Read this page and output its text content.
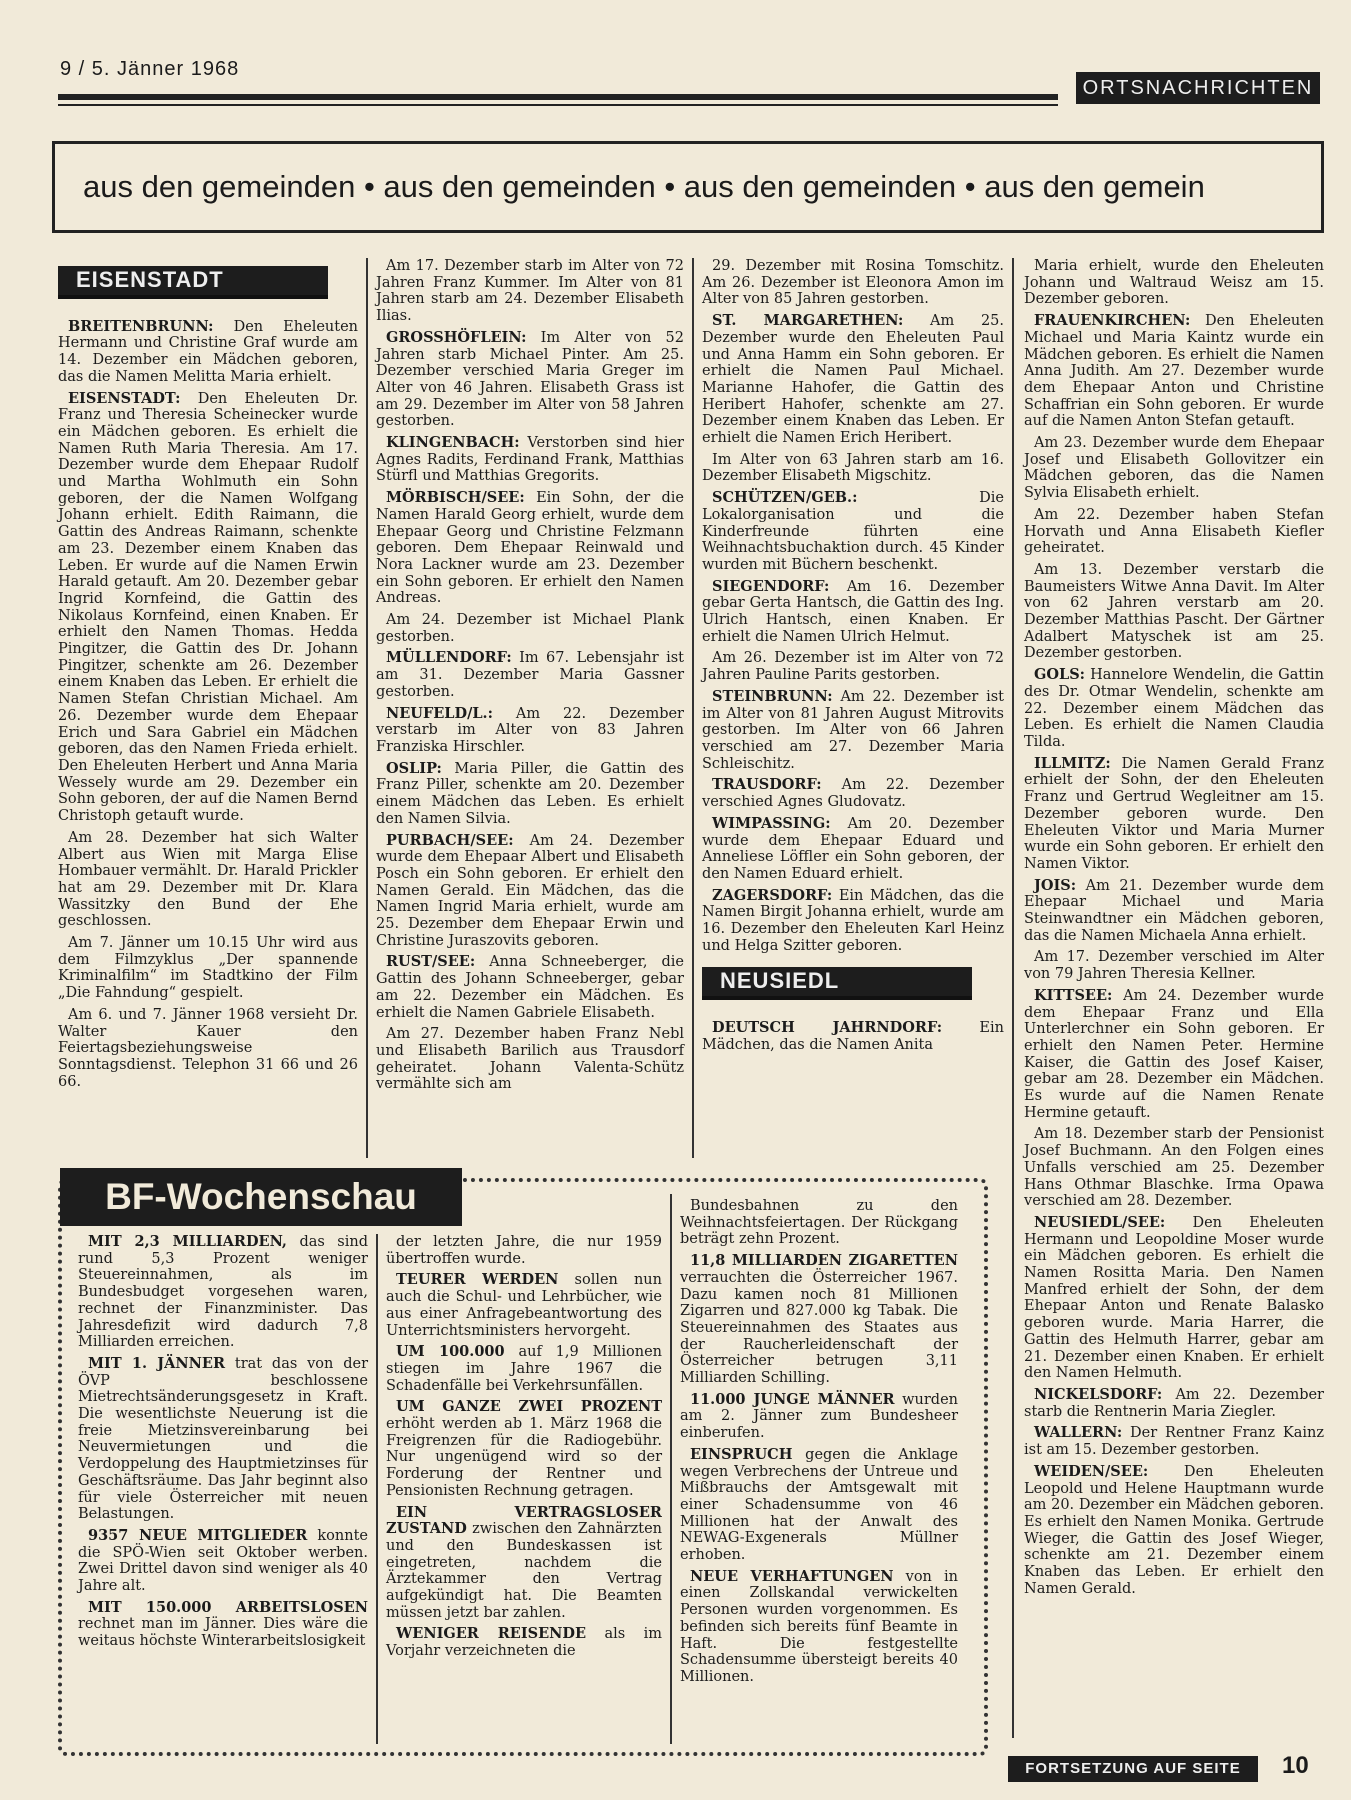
9 / 5. Jänner 1968
ORTSNACHRICHTEN
aus den gemeinden • aus den gemeinden • aus den gemeinden • aus den gemein
EISENSTADT

BREITENBRUNN: Den Eheleuten Hermann und Christine Graf wurde am 14. Dezember ein Mädchen geboren, das die Namen Melitta Maria erhielt.

EISENSTADT: Den Eheleuten Dr. Franz und Theresia Scheinecker wurde ein Mädchen geboren. Es erhielt die Namen Ruth Maria Theresia. Am 17. Dezember wurde dem Ehepaar Rudolf und Martha Wohlmuth ein Sohn geboren, der die Namen Wolfgang Johann erhielt. Edith Raimann, die Gattin des Andreas Raimann, schenkte am 23. Dezember einem Knaben das Leben. Er wurde auf die Namen Erwin Harald getauft. Am 20. Dezember gebar Ingrid Kornfeind, die Gattin des Nikolaus Kornfeind, einen Knaben. Er erhielt den Namen Thomas. Hedda Pingitzer, die Gattin des Dr. Johann Pingitzer, schenkte am 26. Dezember einem Knaben das Leben. Er erhielt die Namen Stefan Christian Michael. Am 26. Dezember wurde dem Ehepaar Erich und Sara Gabriel ein Mädchen geboren, das den Namen Frieda erhielt. Den Eheleuten Herbert und Anna Maria Wessely wurde am 29. Dezember ein Sohn geboren, der auf die Namen Bernd Christoph getauft wurde.

Am 28. Dezember hat sich Walter Albert aus Wien mit Marga Elise Hombauer vermählt. Dr. Harald Prickler hat am 29. Dezember mit Dr. Klara Wassitzky den Bund der Ehe geschlossen.

Am 7. Jänner um 10.15 Uhr wird aus dem Filmzyklus „Der spannende Kriminalfilm“ im Stadtkino der Film „Die Fahndung“ gespielt.

Am 6. und 7. Jänner 1968 versieht Dr. Walter Kauer den Feiertagsbeziehungsweise Sonntagsdienst. Telephon 31 66 und 26 66.

Am 17. Dezember starb im Alter von 72 Jahren Franz Kummer. Im Alter von 81 Jahren starb am 24. Dezember Elisabeth Ilias.

GROSSHÖFLEIN: Im Alter von 52 Jahren starb Michael Pinter. Am 25. Dezember verschied Maria Greger im Alter von 46 Jahren. Elisabeth Grass ist am 29. Dezember im Alter von 58 Jahren gestorben.

KLINGENBACH: Verstorben sind hier Agnes Radits, Ferdinand Frank, Matthias Stürfl und Matthias Gregorits.

MÖRBISCH/SEE: Ein Sohn, der die Namen Harald Georg erhielt, wurde dem Ehepaar Georg und Christine Felzmann geboren. Dem Ehepaar Reinwald und Nora Lackner wurde am 23. Dezember ein Sohn geboren. Er erhielt den Namen Andreas.

Am 24. Dezember ist Michael Plank gestorben.

MÜLLENDORF: Im 67. Lebensjahr ist am 31. Dezember Maria Gassner gestorben.

NEUFELD/L.: Am 22. Dezember verstarb im Alter von 83 Jahren Franziska Hirschler.

OSLIP: Maria Piller, die Gattin des Franz Piller, schenkte am 20. Dezember einem Mädchen das Leben. Es erhielt den Namen Silvia.

PURBACH/SEE: Am 24. Dezember wurde dem Ehepaar Albert und Elisabeth Posch ein Sohn geboren. Er erhielt den Namen Gerald. Ein Mädchen, das die Namen Ingrid Maria erhielt, wurde am 25. Dezember dem Ehepaar Erwin und Christine Juraszovits geboren.

RUST/SEE: Anna Schneeberger, die Gattin des Johann Schneeberger, gebar am 22. Dezember ein Mädchen. Es erhielt die Namen Gabriele Elisabeth.

Am 27. Dezember haben Franz Nebl und Elisabeth Barilich aus Trausdorf geheiratet. Johann Valenta-Schütz vermählte sich am

29. Dezember mit Rosina Tomschitz. Am 26. Dezember ist Eleonora Amon im Alter von 85 Jahren gestorben.

ST. MARGARETHEN: Am 25. Dezember wurde den Eheleuten Paul und Anna Hamm ein Sohn geboren. Er erhielt die Namen Paul Michael. Marianne Hahofer, die Gattin des Heribert Hahofer, schenkte am 27. Dezember einem Knaben das Leben. Er erhielt die Namen Erich Heribert.

Im Alter von 63 Jahren starb am 16. Dezember Elisabeth Migschitz.

SCHÜTZEN/GEB.: Die Lokalorganisation und die Kinderfreunde führten eine Weihnachtsbuchaktion durch. 45 Kinder wurden mit Büchern beschenkt.

SIEGENDORF: Am 16. Dezember gebar Gerta Hantsch, die Gattin des Ing. Ulrich Hantsch, einen Knaben. Er erhielt die Namen Ulrich Helmut.

Am 26. Dezember ist im Alter von 72 Jahren Pauline Parits gestorben.

STEINBRUNN: Am 22. Dezember ist im Alter von 81 Jahren August Mitrovits gestorben. Im Alter von 66 Jahren verschied am 27. Dezember Maria Schleischitz.

TRAUSDORF: Am 22. Dezember verschied Agnes Gludovatz.

WIMPASSING: Am 20. Dezember wurde dem Ehepaar Eduard und Anneliese Löffler ein Sohn geboren, der den Namen Eduard erhielt.

ZAGERSDORF: Ein Mädchen, das die Namen Birgit Johanna erhielt, wurde am 16. Dezember den Eheleuten Karl Heinz und Helga Szitter geboren.

NEUSIEDL

DEUTSCH JAHRNDORF: Ein Mädchen, das die Namen Anita

Maria erhielt, wurde den Eheleuten Johann und Waltraud Weisz am 15. Dezember geboren.

FRAUENKIRCHEN: Den Eheleuten Michael und Maria Kaintz wurde ein Mädchen geboren. Es erhielt die Namen Anna Judith. Am 27. Dezember wurde dem Ehepaar Anton und Christine Schaffrian ein Sohn geboren. Er wurde auf die Namen Anton Stefan getauft.

Am 23. Dezember wurde dem Ehepaar Josef und Elisabeth Gollovitzer ein Mädchen geboren, das die Namen Sylvia Elisabeth erhielt.

Am 22. Dezember haben Stefan Horvath und Anna Elisabeth Kiefler geheiratet.

Am 13. Dezember verstarb die Baumeisters Witwe Anna Davit. Im Alter von 62 Jahren verstarb am 20. Dezember Matthias Pascht. Der Gärtner Adalbert Matyschek ist am 25. Dezember gestorben.

GOLS: Hannelore Wendelin, die Gattin des Dr. Otmar Wendelin, schenkte am 22. Dezember einem Mädchen das Leben. Es erhielt die Namen Claudia Tilda.

ILLMITZ: Die Namen Gerald Franz erhielt der Sohn, der den Eheleuten Franz und Gertrud Wegleitner am 15. Dezember geboren wurde. Den Eheleuten Viktor und Maria Murner wurde ein Sohn geboren. Er erhielt den Namen Viktor.

JOIS: Am 21. Dezember wurde dem Ehepaar Michael und Maria Steinwandtner ein Mädchen geboren, das die Namen Michaela Anna erhielt.

Am 17. Dezember verschied im Alter von 79 Jahren Theresia Kellner.

KITTSEE: Am 24. Dezember wurde dem Ehepaar Franz und Ella Unterlerchner ein Sohn geboren. Er erhielt den Namen Peter. Hermine Kaiser, die Gattin des Josef Kaiser, gebar am 28. Dezember ein Mädchen. Es wurde auf die Namen Renate Hermine getauft.

Am 18. Dezember starb der Pensionist Josef Buchmann. An den Folgen eines Unfalls verschied am 25. Dezember Hans Othmar Blaschke. Irma Opawa verschied am 28. Dezember.

NEUSIEDL/SEE: Den Eheleuten Hermann und Leopoldine Moser wurde ein Mädchen geboren. Es erhielt die Namen Rositta Maria. Den Namen Manfred erhielt der Sohn, der dem Ehepaar Anton und Renate Balasko geboren wurde. Maria Harrer, die Gattin des Helmuth Harrer, gebar am 21. Dezember einen Knaben. Er erhielt den Namen Helmuth.

NICKELSDORF: Am 22. Dezember starb die Rentnerin Maria Ziegler.

WALLERN: Der Rentner Franz Kainz ist am 15. Dezember gestorben.

WEIDEN/SEE: Den Eheleuten Leopold und Helene Hauptmann wurde am 20. Dezember ein Mädchen geboren. Es erhielt den Namen Monika. Gertrude Wieger, die Gattin des Josef Wieger, schenkte am 21. Dezember einem Knaben das Leben. Er erhielt den Namen Gerald.

BF-Wochenschau

MIT 2,3 MILLIARDEN, das sind rund 5,3 Prozent weniger Steuereinnahmen, als im Bundesbudget vorgesehen waren, rechnet der Finanzminister. Das Jahresdefizit wird dadurch 7,8 Milliarden erreichen.

MIT 1. JÄNNER trat das von der ÖVP beschlossene Mietrechtsänderungsgesetz in Kraft. Die wesentlichste Neuerung ist die freie Mietzinsvereinbarung bei Neuvermietungen und die Verdoppelung des Hauptmietzinses für Geschäftsräume. Das Jahr beginnt also für viele Österreicher mit neuen Belastungen.

9357 NEUE MITGLIEDER konnte die SPÖ-Wien seit Oktober werben. Zwei Drittel davon sind weniger als 40 Jahre alt.

MIT 150.000 ARBEITSLOSEN rechnet man im Jänner. Dies wäre die weitaus höchste Winterarbeitslosigkeit

der letzten Jahre, die nur 1959 übertroffen wurde.

TEURER WERDEN sollen nun auch die Schul- und Lehrbücher, wie aus einer Anfragebeantwortung des Unterrichtsministers hervorgeht.

UM 100.000 auf 1,9 Millionen stiegen im Jahre 1967 die Schadenfälle bei Verkehrsunfällen.

UM GANZE ZWEI PROZENT erhöht werden ab 1. März 1968 die Freigrenzen für die Radiogebühr. Nur ungenügend wird so der Forderung der Rentner und Pensionisten Rechnung getragen.

EIN VERTRAGSLOSER ZUSTAND zwischen den Zahnärzten und den Bundeskassen ist eingetreten, nachdem die Ärztekammer den Vertrag aufgekündigt hat. Die Beamten müssen jetzt bar zahlen.

WENIGER REISENDE als im Vorjahr verzeichneten die

Bundesbahnen zu den Weihnachtsfeiertagen. Der Rückgang beträgt zehn Prozent.

11,8 MILLIARDEN ZIGARETTEN verrauchten die Österreicher 1967. Dazu kamen noch 81 Millionen Zigarren und 827.000 kg Tabak. Die Steuereinnahmen des Staates aus der Raucherleidenschaft der Österreicher betrugen 3,11 Milliarden Schilling.

11.000 JUNGE MÄNNER wurden am 2. Jänner zum Bundesheer einberufen.

EINSPRUCH gegen die Anklage wegen Verbrechens der Untreue und Mißbrauchs der Amtsgewalt mit einer Schadensumme von 46 Millionen hat der Anwalt des NEWAG-Exgenerals Müllner erhoben.

NEUE VERHAFTUNGEN von in einen Zollskandal verwickelten Personen wurden vorgenommen. Es befinden sich bereits fünf Beamte in Haft. Die festgestellte Schadensumme übersteigt bereits 40 Millionen.

FORTSETZUNG AUF SEITE	10
